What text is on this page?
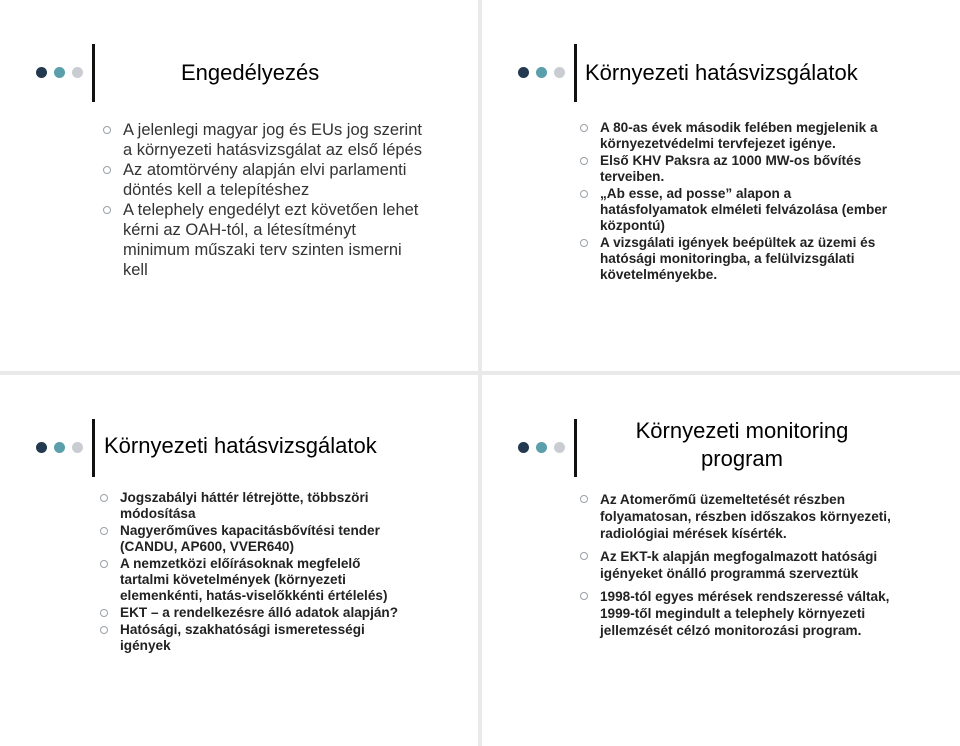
Engedélyezés
A jelenlegi magyar jog és EUs jog szerint a környezeti hatásvizsgálat az első lépés
Az atomtörvény alapján elvi parlamenti döntés kell a telepítéshez
A telephely engedélyt ezt követően lehet kérni az OAH-tól, a létesítményt minimum műszaki terv szinten ismerni kell
Környezeti hatásvizsgálatok
A 80-as évek második felében megjelenik a környezetvédelmi tervfejezet igénye.
Első KHV Paksra az 1000 MW-os bővítés terveiben.
„Ab esse, ad posse” alapon a hatásfolyamatok elméleti felvázolása (ember központú)
A vizsgálati igények beépültek az üzemi és hatósági monitoringba, a felülvizsgálati követelményekbe.
Környezeti hatásvizsgálatok
Jogszabályi háttér létrejötte, többszöri módosítása
Nagyerőműves kapacitásbővítési tender (CANDU, AP600, VVER640)
A nemzetközi előírásoknak megfelelő tartalmi követelmények (környezeti elemenkénti, hatás-viselőkkénti értélelés)
EKT – a rendelkezésre álló adatok alapján?
Hatósági, szakhatósági ismeretességi igények
Környezeti monitoring
program
Az Atomerőmű üzemeltetését részben folyamatosan, részben időszakos környezeti, radiológiai mérések kísérték.
Az EKT-k alapján megfogalmazott hatósági igényeket önálló programmá szerveztük
1998-tól egyes mérések rendszeressé váltak, 1999-től megindult a telephely környezeti jellemzését célzó monitorozási program.
